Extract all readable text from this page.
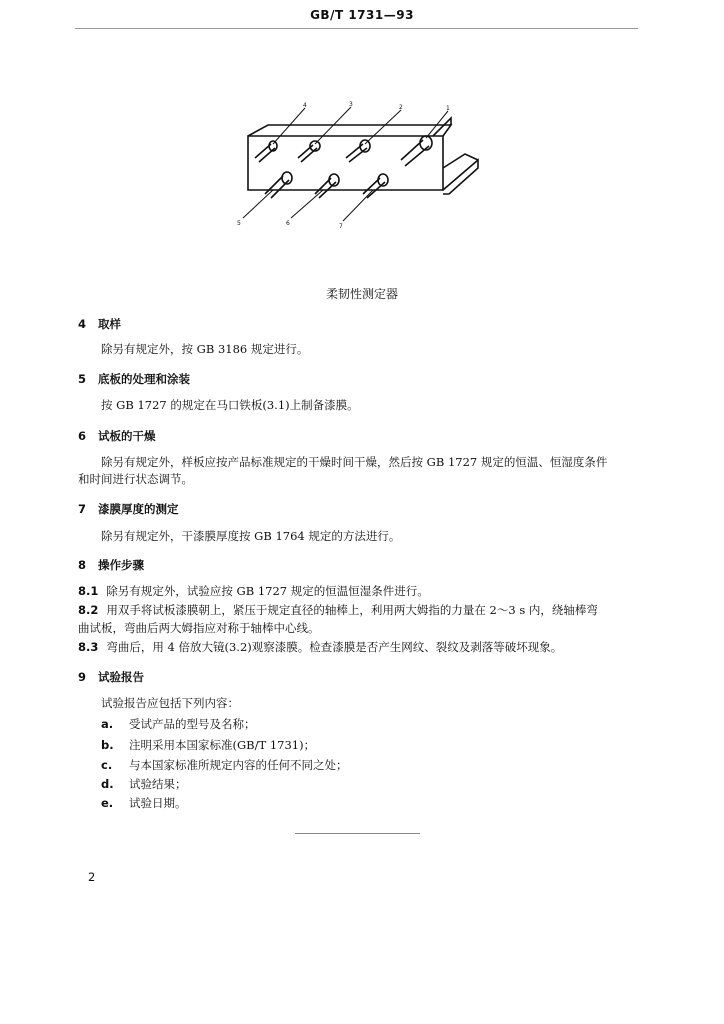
GB/T 1731—93
4	3	2	1
5	6	7
柔韧性测定器
4 取样
除另有规定外，按 GB 3186 规定进行。
5 底板的处理和涂装
按 GB 1727 的规定在马口铁板(3.1)上制备漆膜。
6 试板的干燥
除另有规定外，样板应按产品标准规定的干燥时间干燥，然后按 GB 1727 规定的恒温、恒湿度条件
和时间进行状态调节。
7 漆膜厚度的测定
除另有规定外，干漆膜厚度按 GB 1764 规定的方法进行。
8 操作步骤
8.1 除另有规定外，试验应按 GB 1727 规定的恒温恒湿条件进行。
8.2 用双手将试板漆膜朝上，紧压于规定直径的轴棒上，利用两大姆指的力量在 2～3 s 内，绕轴棒弯
曲试板，弯曲后两大姆指应对称于轴棒中心线。
8.3 弯曲后，用 4 倍放大镜(3.2)观察漆膜。检查漆膜是否产生网纹、裂纹及剥落等破坏现象。
9 试验报告
试验报告应包括下列内容：
a. 受试产品的型号及名称；
b. 注明采用本国家标准(GB/T 1731)；
c. 与本国家标准所规定内容的任何不同之处；
d. 试验结果；
e. 试验日期。
2
